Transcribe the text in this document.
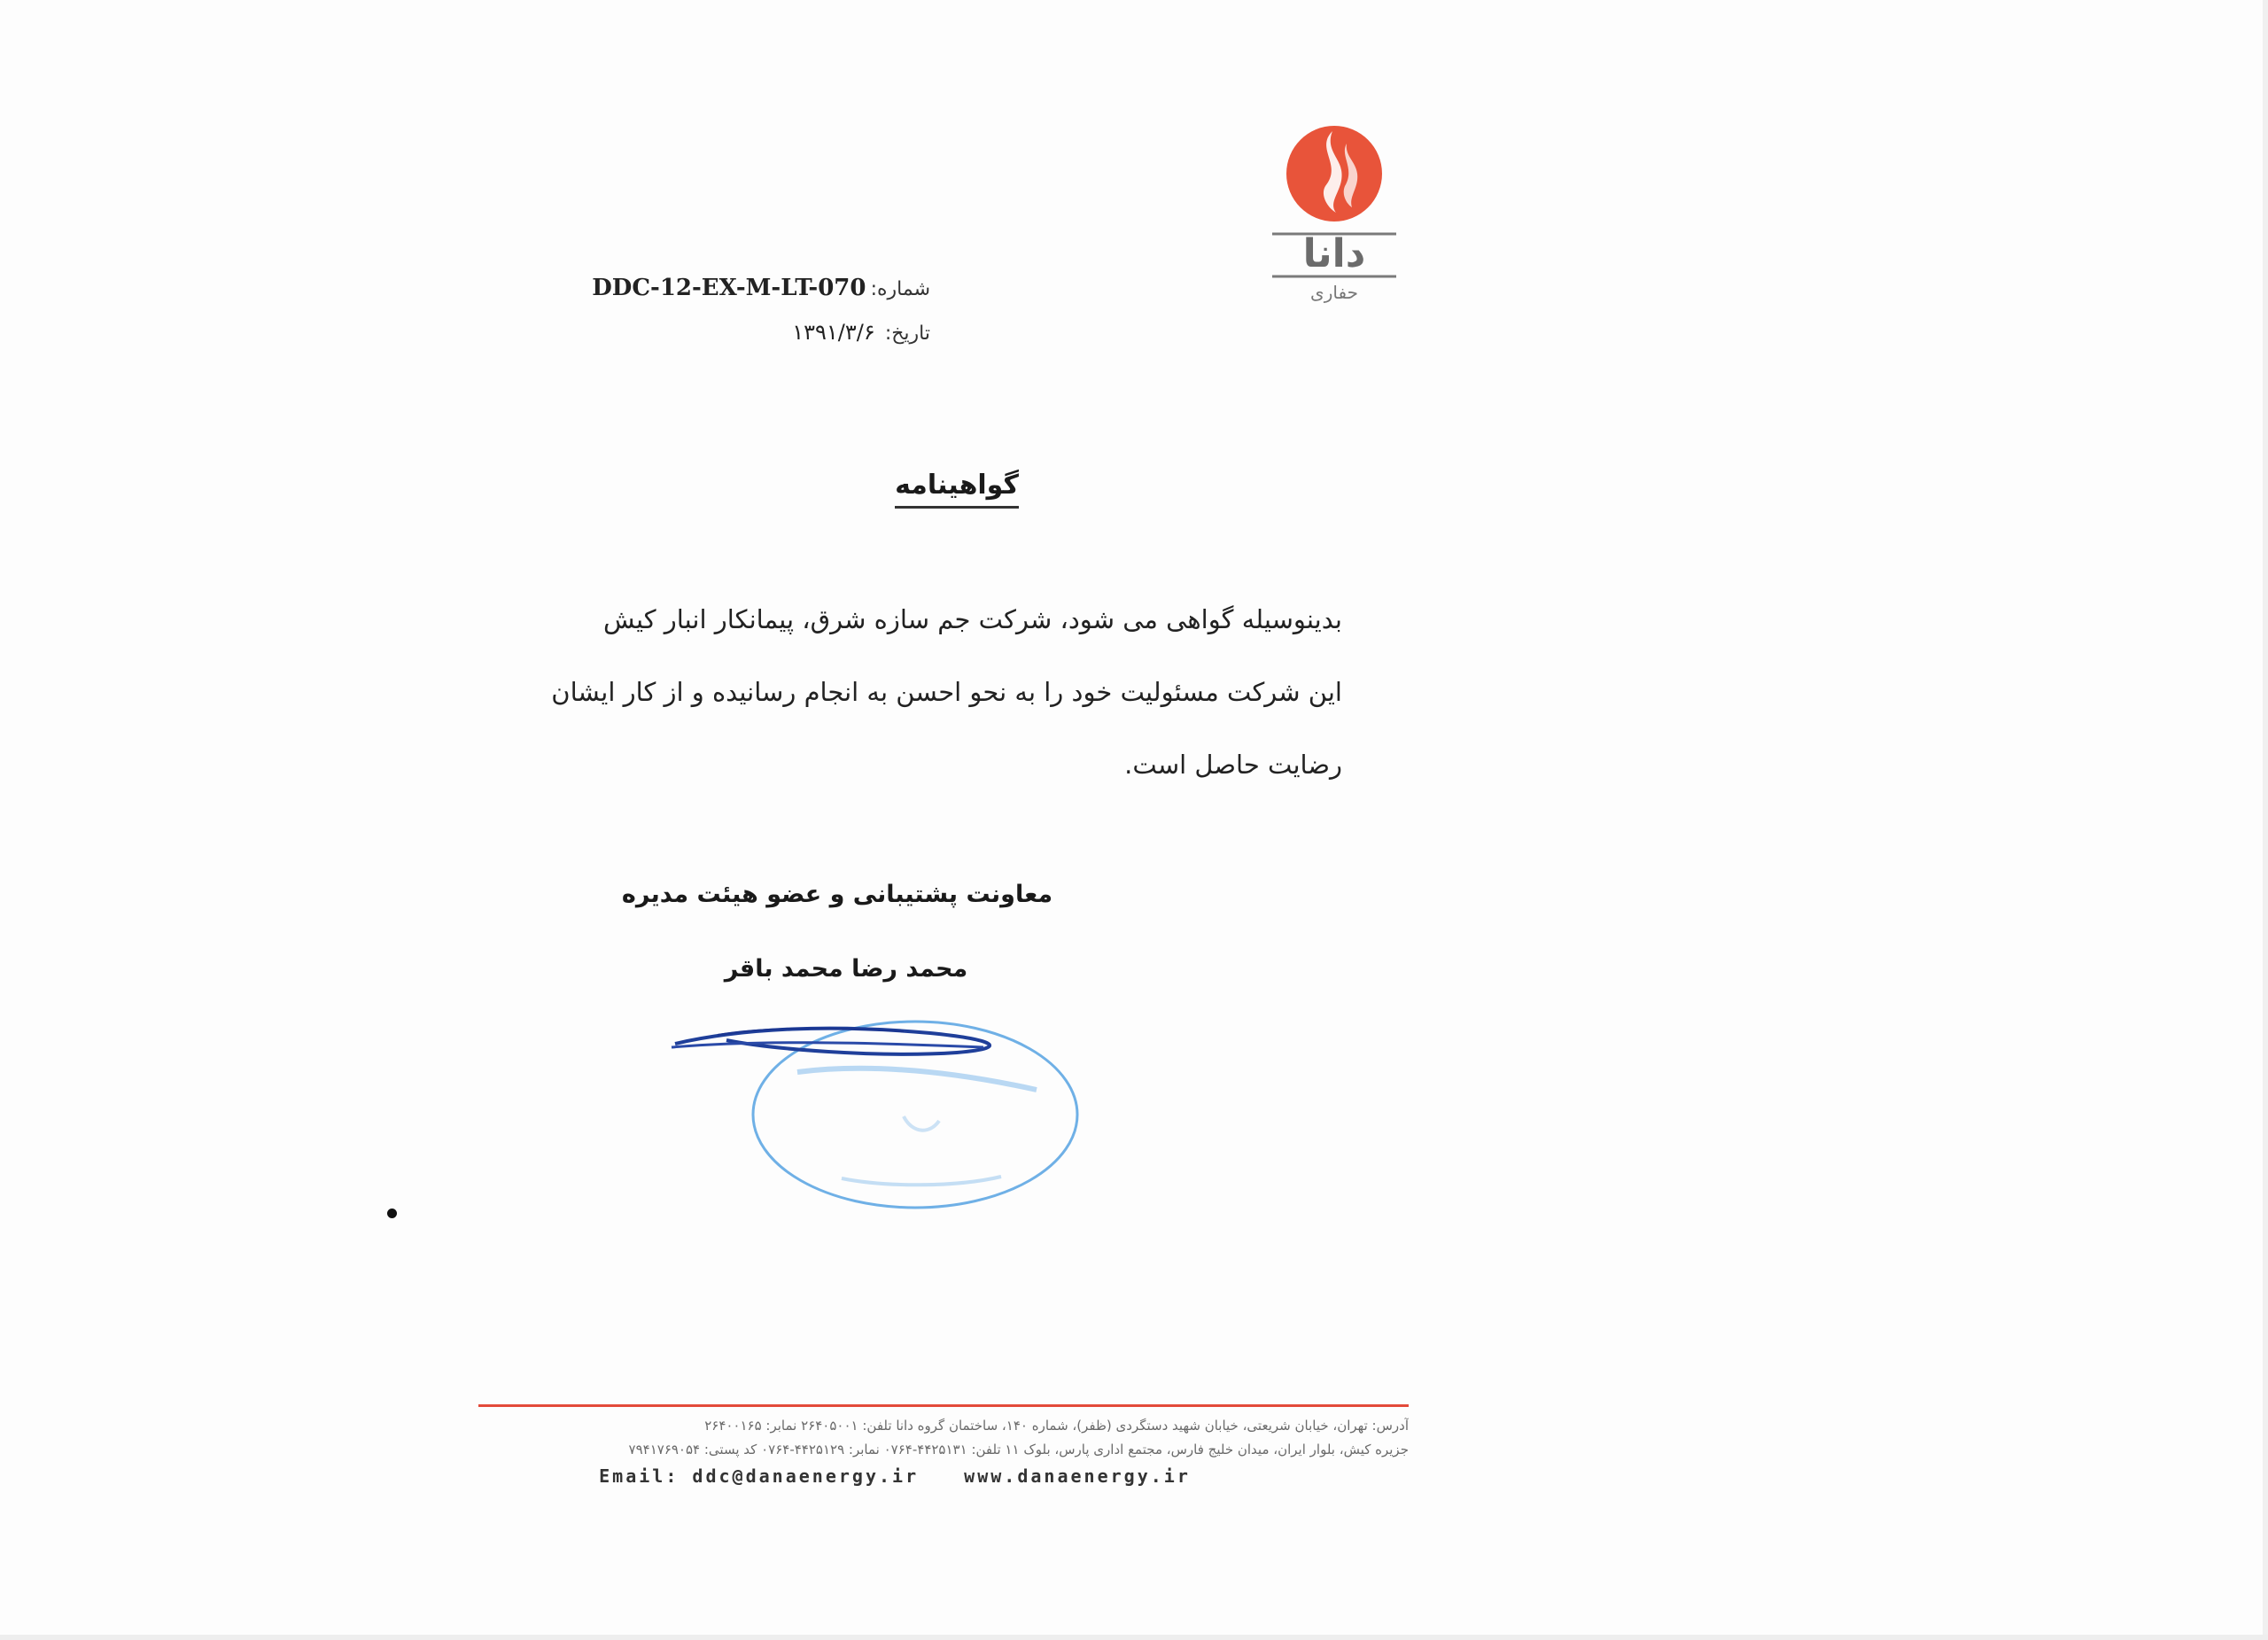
دانا
حفاری
شماره: DDC-12-EX-M-LT-070
تاریخ: ۱۳۹۱/۳/۶
گواهینامه
بدینوسیله گواهی می شود، شرکت جم سازه شرق، پیمانکار انبار کیش
این شرکت مسئولیت خود را به نحو احسن به انجام رسانیده و از کار ایشان
رضایت حاصل است.
معاونت پشتیبانی و عضو هیئت مدیره
محمد رضا محمد باقر
آدرس: تهران، خیابان شریعتی، خیابان شهید دستگردی (ظفر)، شماره ۱۴۰، ساختمان گروه دانا تلفن: ۲۶۴۰۵۰۰۱ نمابر: ۲۶۴۰۰۱۶۵
جزیره کیش، بلوار ایران، میدان خلیج فارس، مجتمع اداری پارس، بلوک ۱۱ تلفن: ۴۴۲۵۱۳۱-۰۷۶۴ نمابر: ۴۴۲۵۱۲۹-۰۷۶۴ کد پستی: ۷۹۴۱۷۶۹۰۵۴
Email: ddc@danaenergy.ir	www.danaenergy.ir
